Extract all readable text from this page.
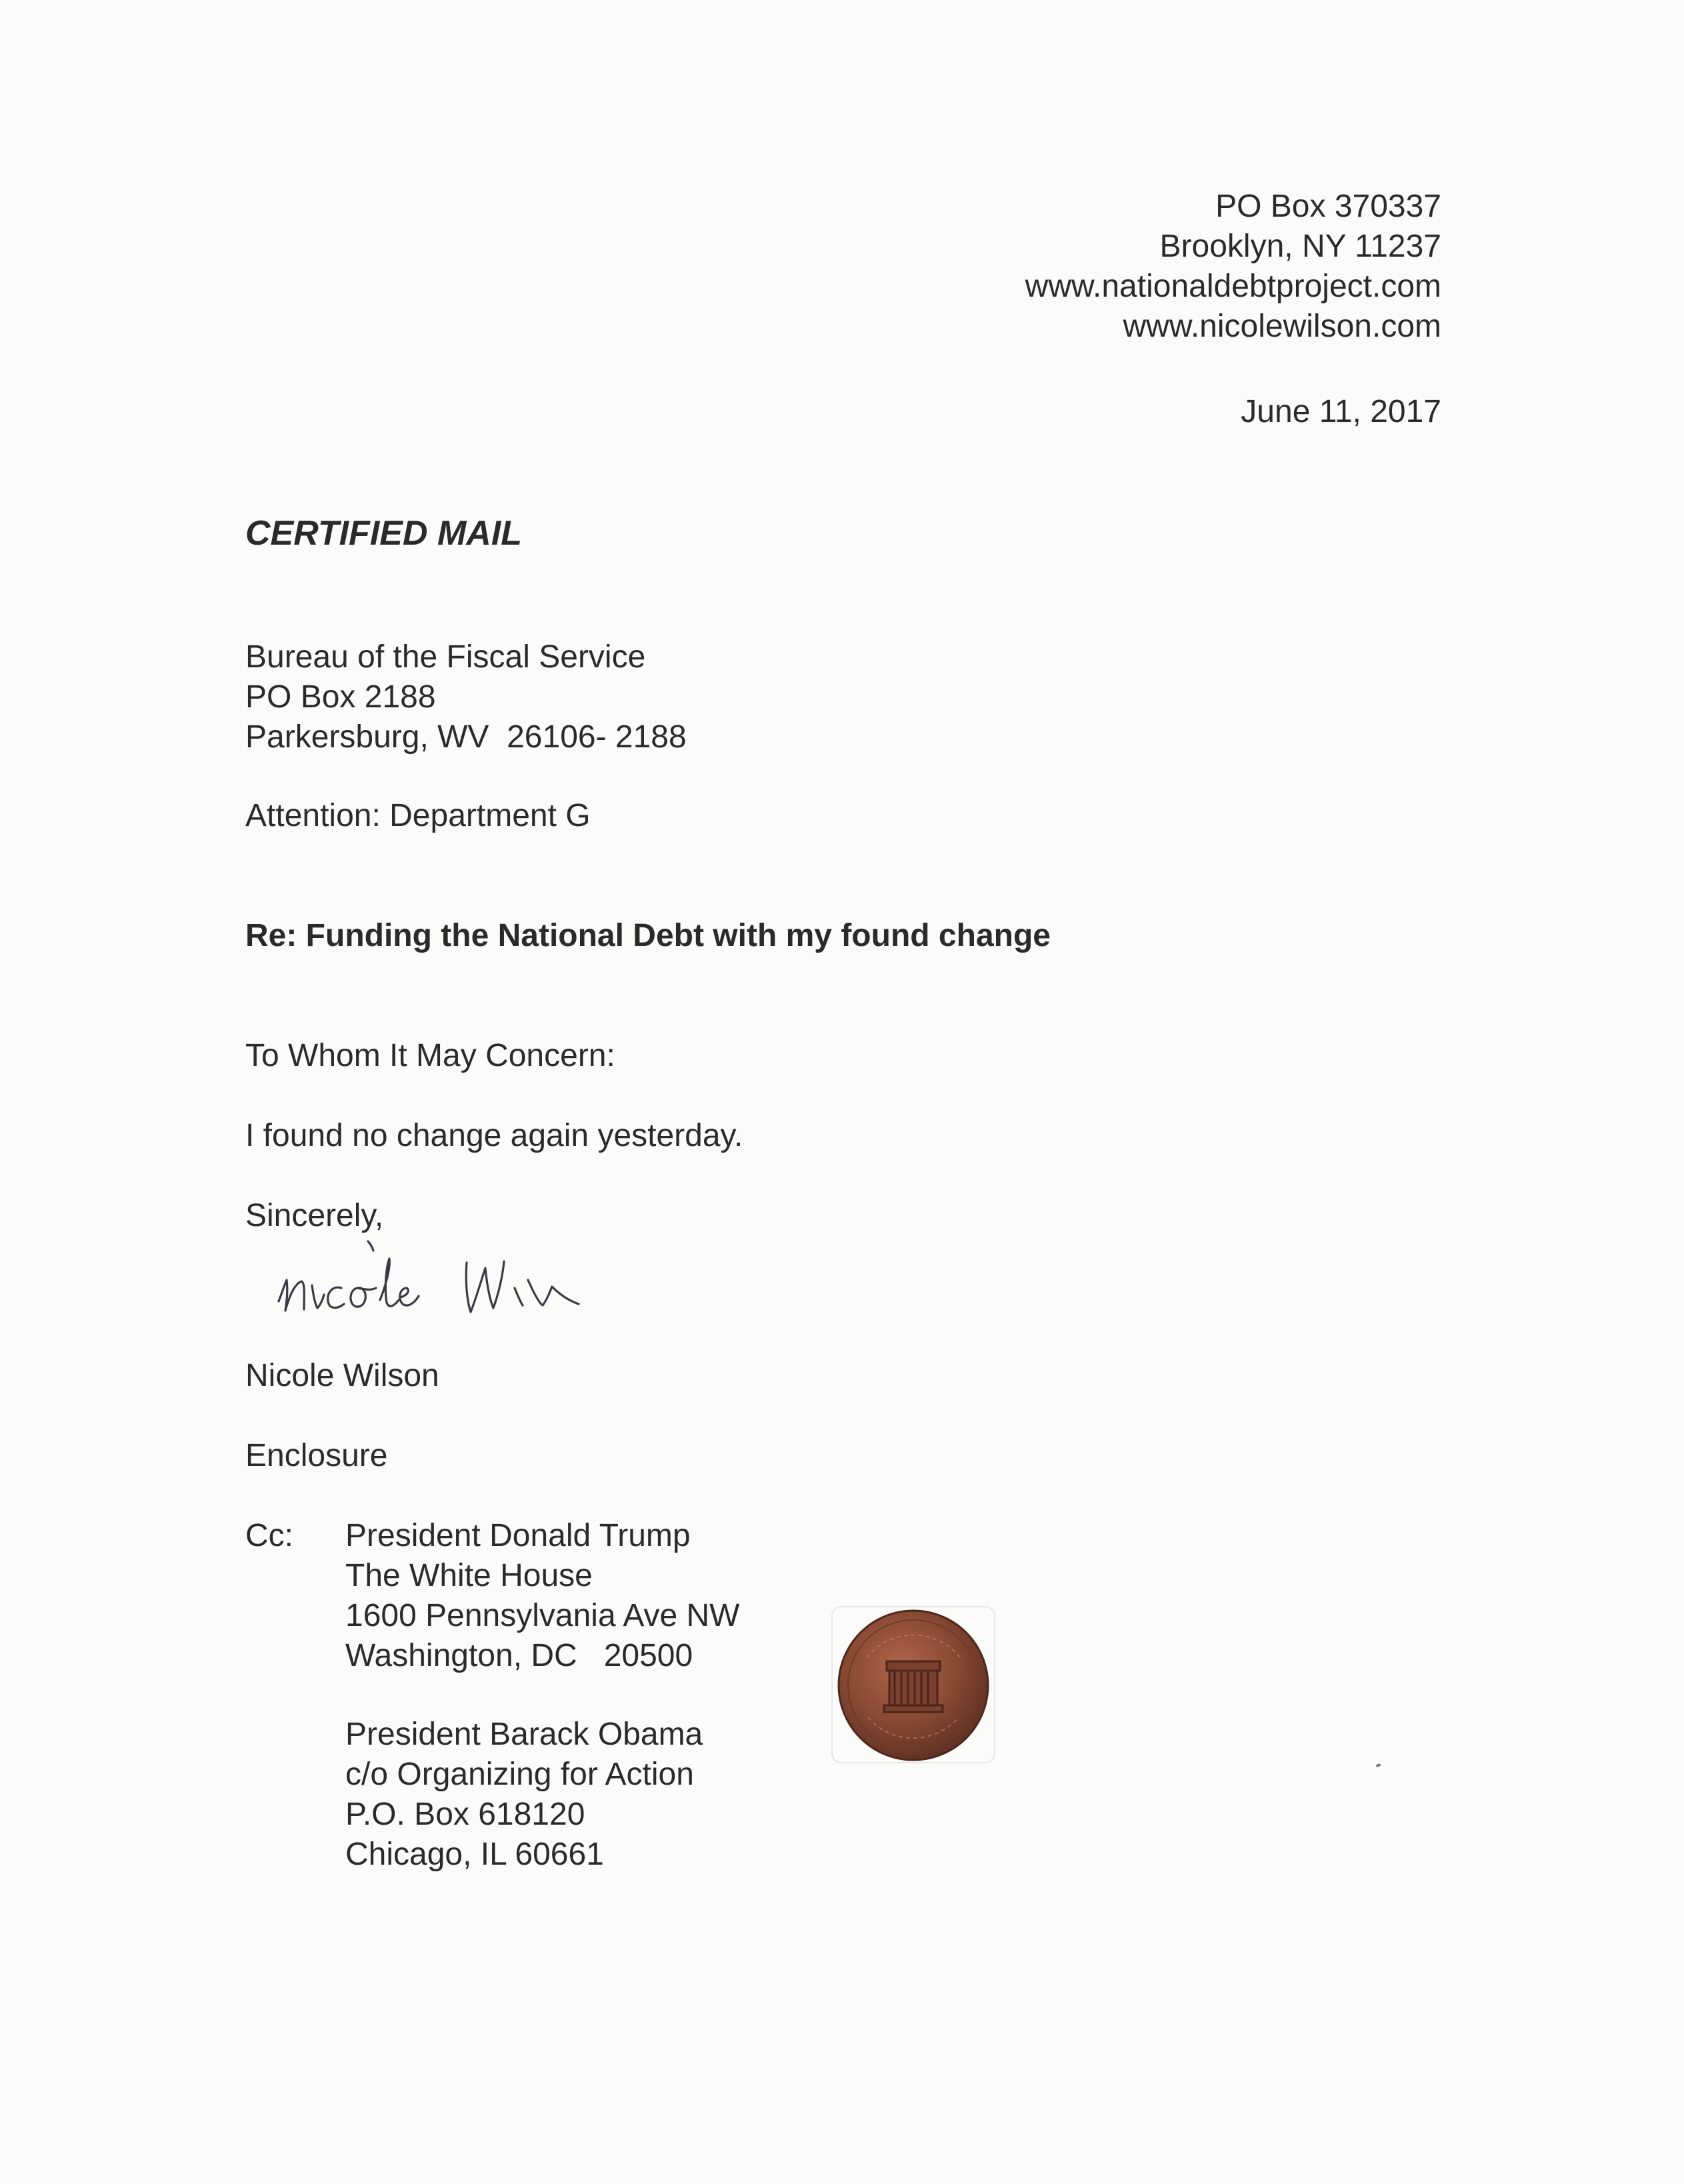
PO Box 370337
Brooklyn, NY 11237
www.nationaldebtproject.com
www.nicolewilson.com
June 11, 2017
CERTIFIED MAIL
Bureau of the Fiscal Service
PO Box 2188
Parkersburg, WV  26106- 2188
Attention: Department G
Re: Funding the National Debt with my found change
To Whom It May Concern:
I found no change again yesterday.
Sincerely,
Nicole Wilson
Enclosure
Cc: President Donald Trump
The White House
1600 Pennsylvania Ave NW
Washington, DC   20500
President Barack Obama
c/o Organizing for Action
P.O. Box 618120
Chicago, IL 60661
